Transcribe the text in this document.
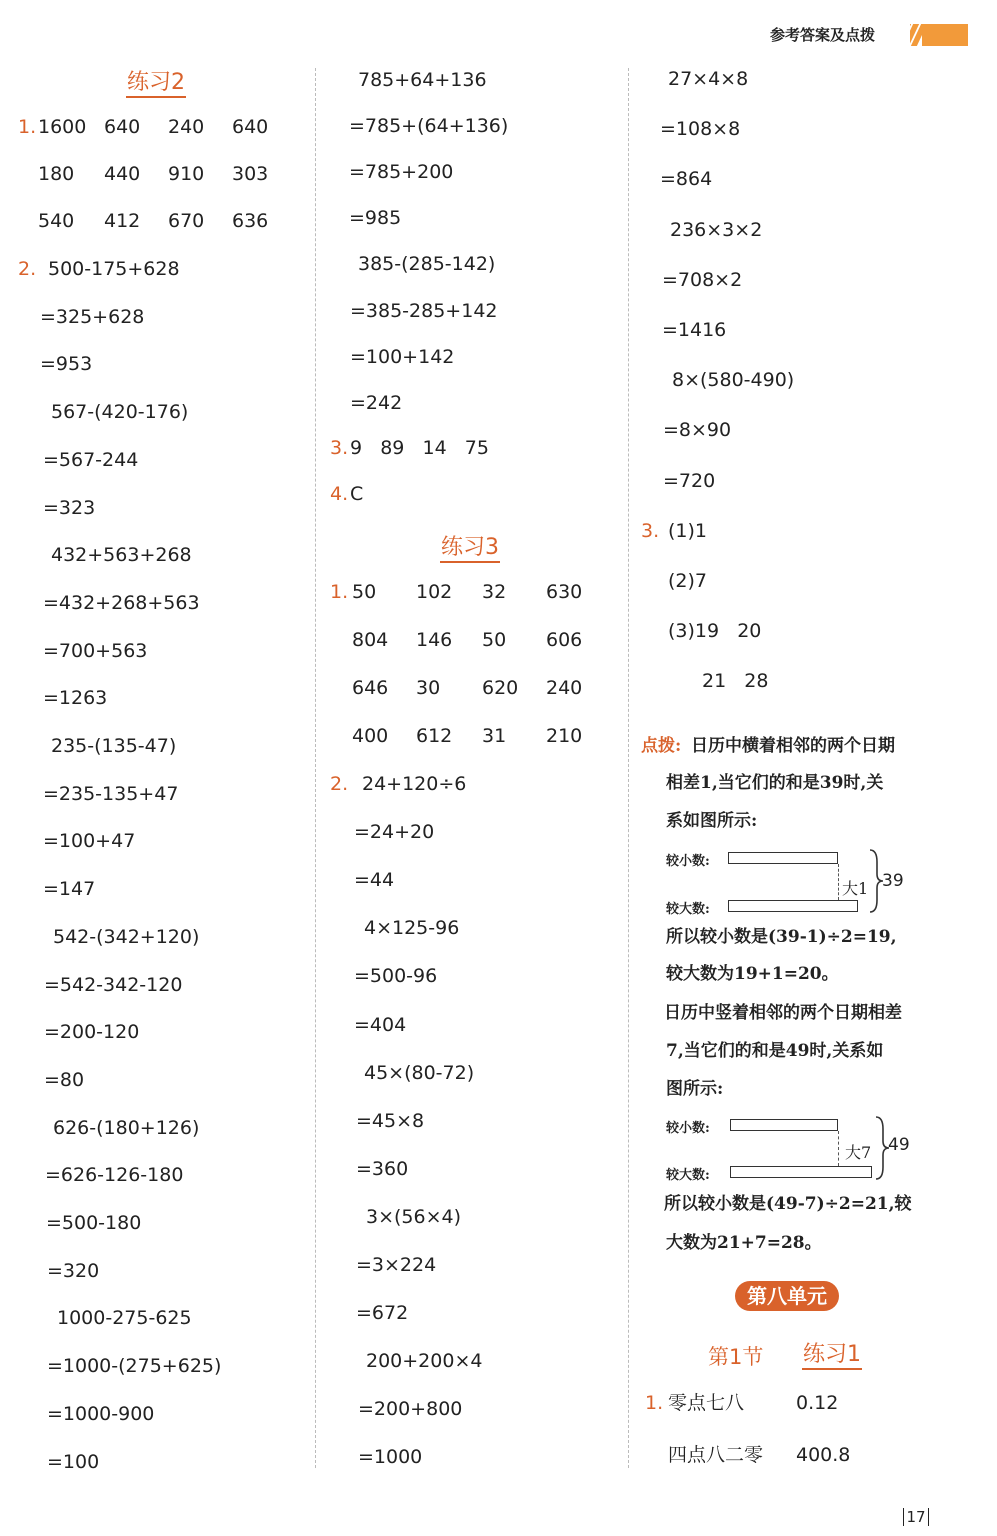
参考答案及点拨
练习2
1.
2.
1600 640 240 640
180 440 910 303
540 412 670 636
500-175+628
=325+628
=953
567-(420-176)
=567-244
=323
432+563+268
=432+268+563
=700+563
=1263
235-(135-47)
=235-135+47
=100+47
=147
542-(342+120)
=542-342-120
=200-120
=80
626-(180+126)
=626-126-180
=500-180
=320
1000-275-625
=1000-(275+625)
=1000-900
=100
3. 9   89   14   75
4. C
练习3
1.
2.
785+64+136
=785+(64+136)
=785+200
=985
385-(285-142)
=385-285+142
=100+142
=242
50 102 32 630
804 146 50 606
646 30 620 240
400 612 31 210
24+120÷6
=24+20
=44
4×125-96
=500-96
=404
45×(80-72)
=45×8
=360
3×(56×4)
=3×224
=672
200+200×4
=200+800
=1000
3. (1)1
(2)7
(3)19   20
21   28
点拨: 日历中横着相邻的两个日期
相差1,当它们的和是39时,关
系如图所示:
较小数:
较大数:
大1 39
所以较小数是(39-1)÷2=19,
较大数为19+1=20。
日历中竖着相邻的两个日期相差
7,当它们的和是49时,关系如
图所示:
较小数:
较大数:
大7 49
所以较小数是(49-7)÷2=21,较
大数为21+7=28。
第八单元
第1节 练习1
1.
27×4×8
=108×8
=864
236×3×2
=708×2
=1416
8×(580-490)
=8×90
=720
零点七八	0.12
四点八二零 400.8
17
